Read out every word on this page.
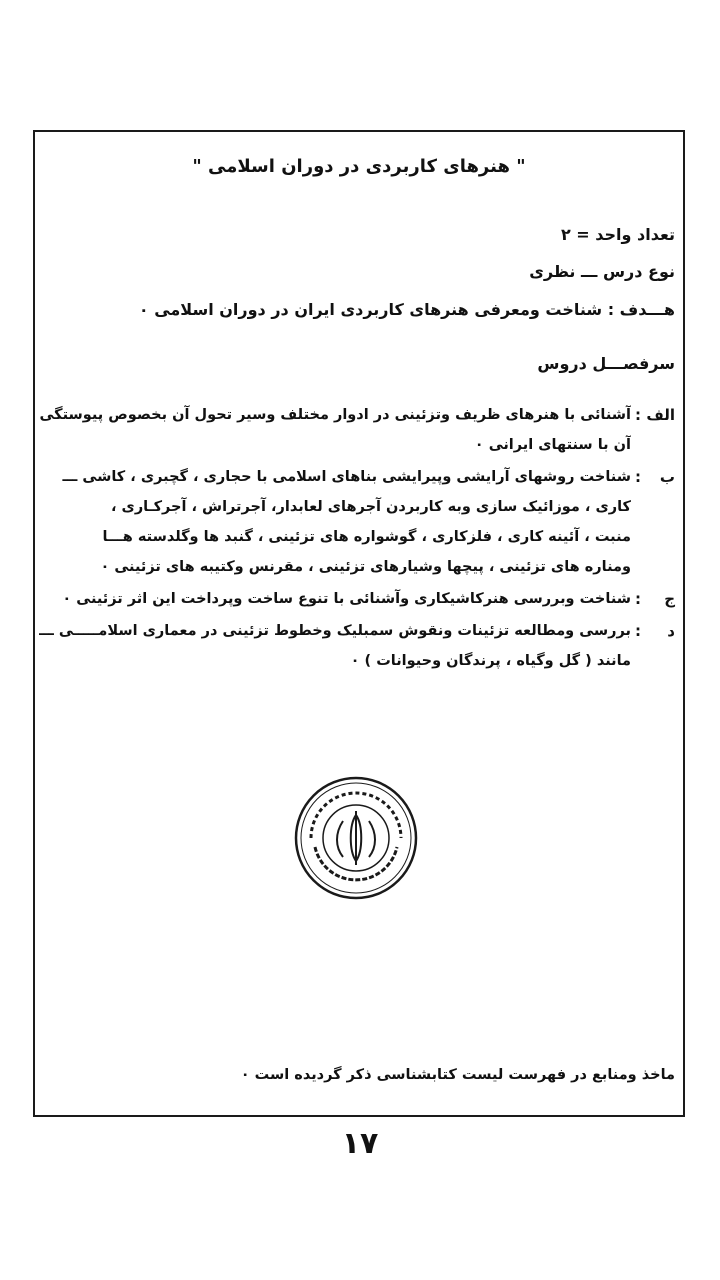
" هنرهای کاربردی در دوران اسلامی "
تعداد واحد = ۲
نوع درس ـــ نظری
هـــدف : شناخت ومعرفی هنرهای کاربردی ایران در دوران اسلامی ٠
سرفصـــل دروس
الف
:
آشنائی با هنرهای ظریف وتزئینی در ادوار مختلف وسیر تحول آن بخصوص پیوستگی
آن با سنتهای ایرانی ٠
ب
:
شناخت روشهای آرایشی وپیرایشی بناهای اسلامی با حجاری ، گچبری ، کاشی ـــ
کاری ، موزائیک سازی وبه کاربردن آجرهای لعابدار، آجرتراش ، آجرکـاری ،
منبت ، آئینه کاری ، فلزکاری ، گوشواره های تزئینی ، گنبد ها وگلدسته هـــا
ومناره های تزئینی ، پیچها وشیارهای تزئینی ، مقرنس وکتیبه های تزئینی ٠
ج
:
شناخت وبررسی هنرکاشیکاری وآشنائی با تنوع ساخت وپرداخت این اثر تزئینی ٠
د
:
بررسی ومطالعه تزئینات ونقوش سمبلیک وخطوط تزئینی در معماری اسلامـــــی ـــ
مانند ( گل وگیاه ، پرندگان وحیوانات ) ٠
ماخذ ومنابع در فهرست لیست کتابشناسی ذکر گردیده است ٠
۱۷
